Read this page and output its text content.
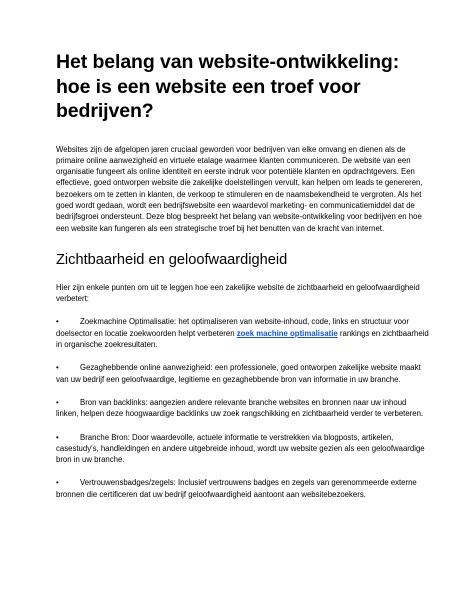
Het belang van website-ontwikkeling: hoe is een website een troef voor bedrijven?

Websites zijn de afgelopen jaren cruciaal geworden voor bedrijven van elke omvang en dienen als de primaire online aanwezigheid en virtuele etalage waarmee klanten communiceren. De website van een organisatie fungeert als online identiteit en eerste indruk voor potentiële klanten en opdrachtgevers. Een effectieve, goed ontworpen website die zakelijke doelstellingen vervult, kan helpen om leads te genereren, bezoekers om te zetten in klanten, de verkoop te stimuleren en de naamsbekendheid te vergroten. Als het goed wordt gedaan, wordt een bedrijfswebsite een waardevol marketing- en communicatiemiddel dat de bedrijfsgroei ondersteunt. Deze blog bespreekt het belang van website-ontwikkeling voor bedrijven en hoe een website kan fungeren als een strategische troef bij het benutten van de kracht van internet.

Zichtbaarheid en geloofwaardigheid

Hier zijn enkele punten om uit te leggen hoe een zakelijke website de zichtbaarheid en geloofwaardigheid verbetert:

•	Zoekmachine Optimalisatie: het optimaliseren van website-inhoud, code, links en structuur voor doelsector en locatie zoekwoorden helpt verbeteren zoek machine optimalisatie rankings en zichtbaarheid in organische zoekresultaten.
•	Gezaghebbende online aanwezigheid: een professionele, goed ontworpen zakelijke website maakt van uw bedrijf een geloofwaardige, legitieme en gezaghebbende bron van informatie in uw branche.
•	Bron van backlinks: aangezien andere relevante branche websites en bronnen naar uw inhoud linken, helpen deze hoogwaardige backlinks uw zoek rangschikking en zichtbaarheid verder te verbeteren.
•	Branche Bron: Door waardevolle, actuele informatie te verstrekken via blogposts, artikelen, casestudy's, handleidingen en andere uitgebreide inhoud, wordt uw website gezien als een geloofwaardige bron in uw branche.
•	Vertrouwensbadges/zegels: Inclusief vertrouwens badges en zegels van gerenommeerde externe bronnen die certificeren dat uw bedrijf geloofwaardigheid aantoont aan websitebezoekers.
